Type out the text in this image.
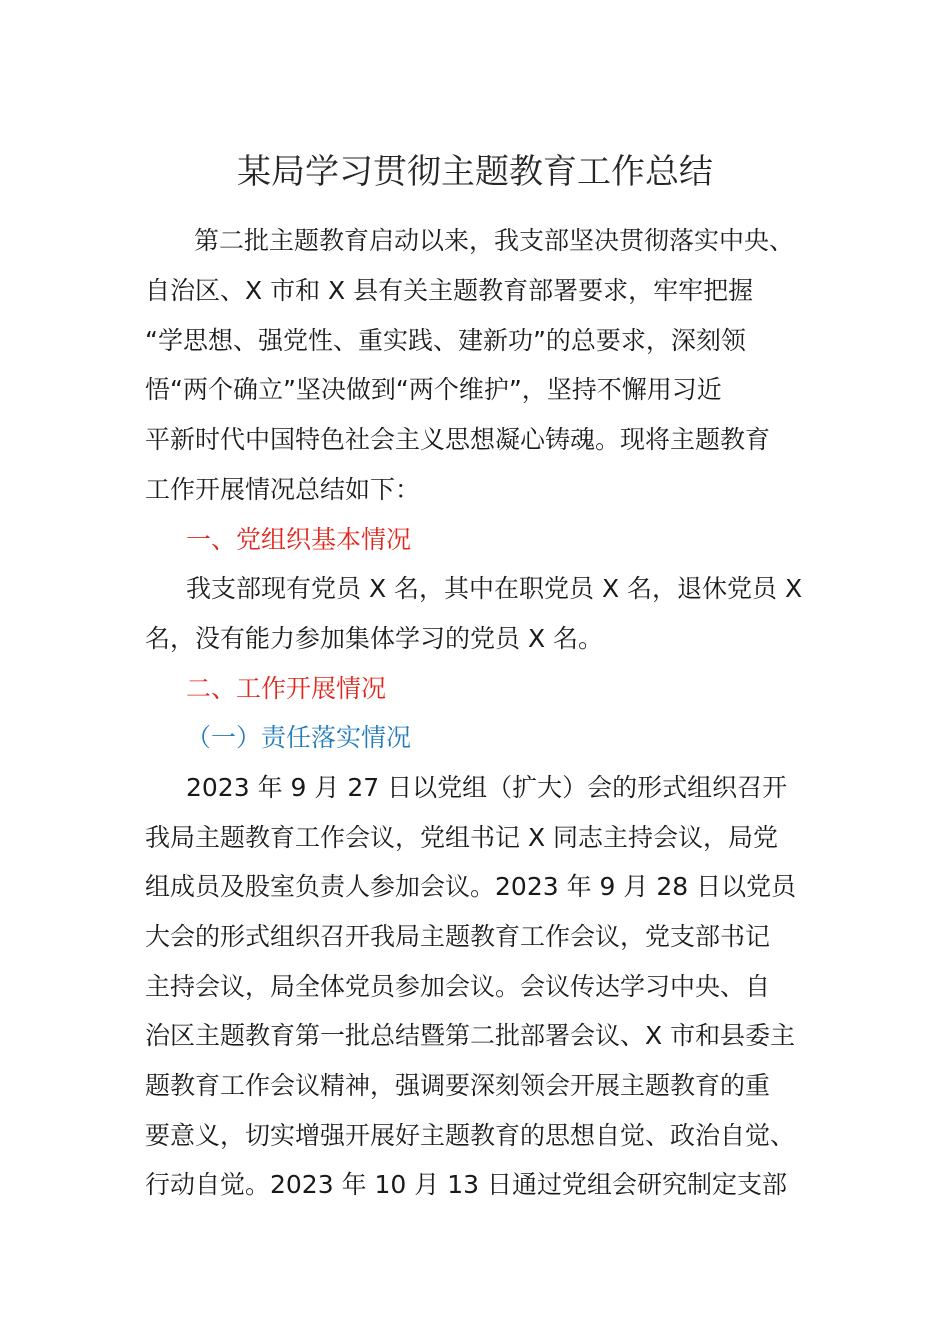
某局学习贯彻主题教育工作总结
第二批主题教育启动以来，我支部坚决贯彻落实中央、
自治区、X 市和 X 县有关主题教育部署要求，牢牢把握
“学思想、强党性、重实践、建新功”的总要求，深刻领
悟“两个确立”坚决做到“两个维护”，坚持不懈用习近
平新时代中国特色社会主义思想凝心铸魂。现将主题教育
工作开展情况总结如下：
一、党组织基本情况
我支部现有党员 X 名，其中在职党员 X 名，退休党员 X
名，没有能力参加集体学习的党员 X 名。
二、工作开展情况
（一）责任落实情况
2023 年 9 月 27 日以党组（扩大）会的形式组织召开
我局主题教育工作会议，党组书记 X 同志主持会议，局党
组成员及股室负责人参加会议。2023 年 9 月 28 日以党员
大会的形式组织召开我局主题教育工作会议，党支部书记
主持会议，局全体党员参加会议。会议传达学习中央、自
治区主题教育第一批总结暨第二批部署会议、X 市和县委主
题教育工作会议精神，强调要深刻领会开展主题教育的重
要意义，切实增强开展好主题教育的思想自觉、政治自觉、
行动自觉。2023 年 10 月 13 日通过党组会研究制定支部
